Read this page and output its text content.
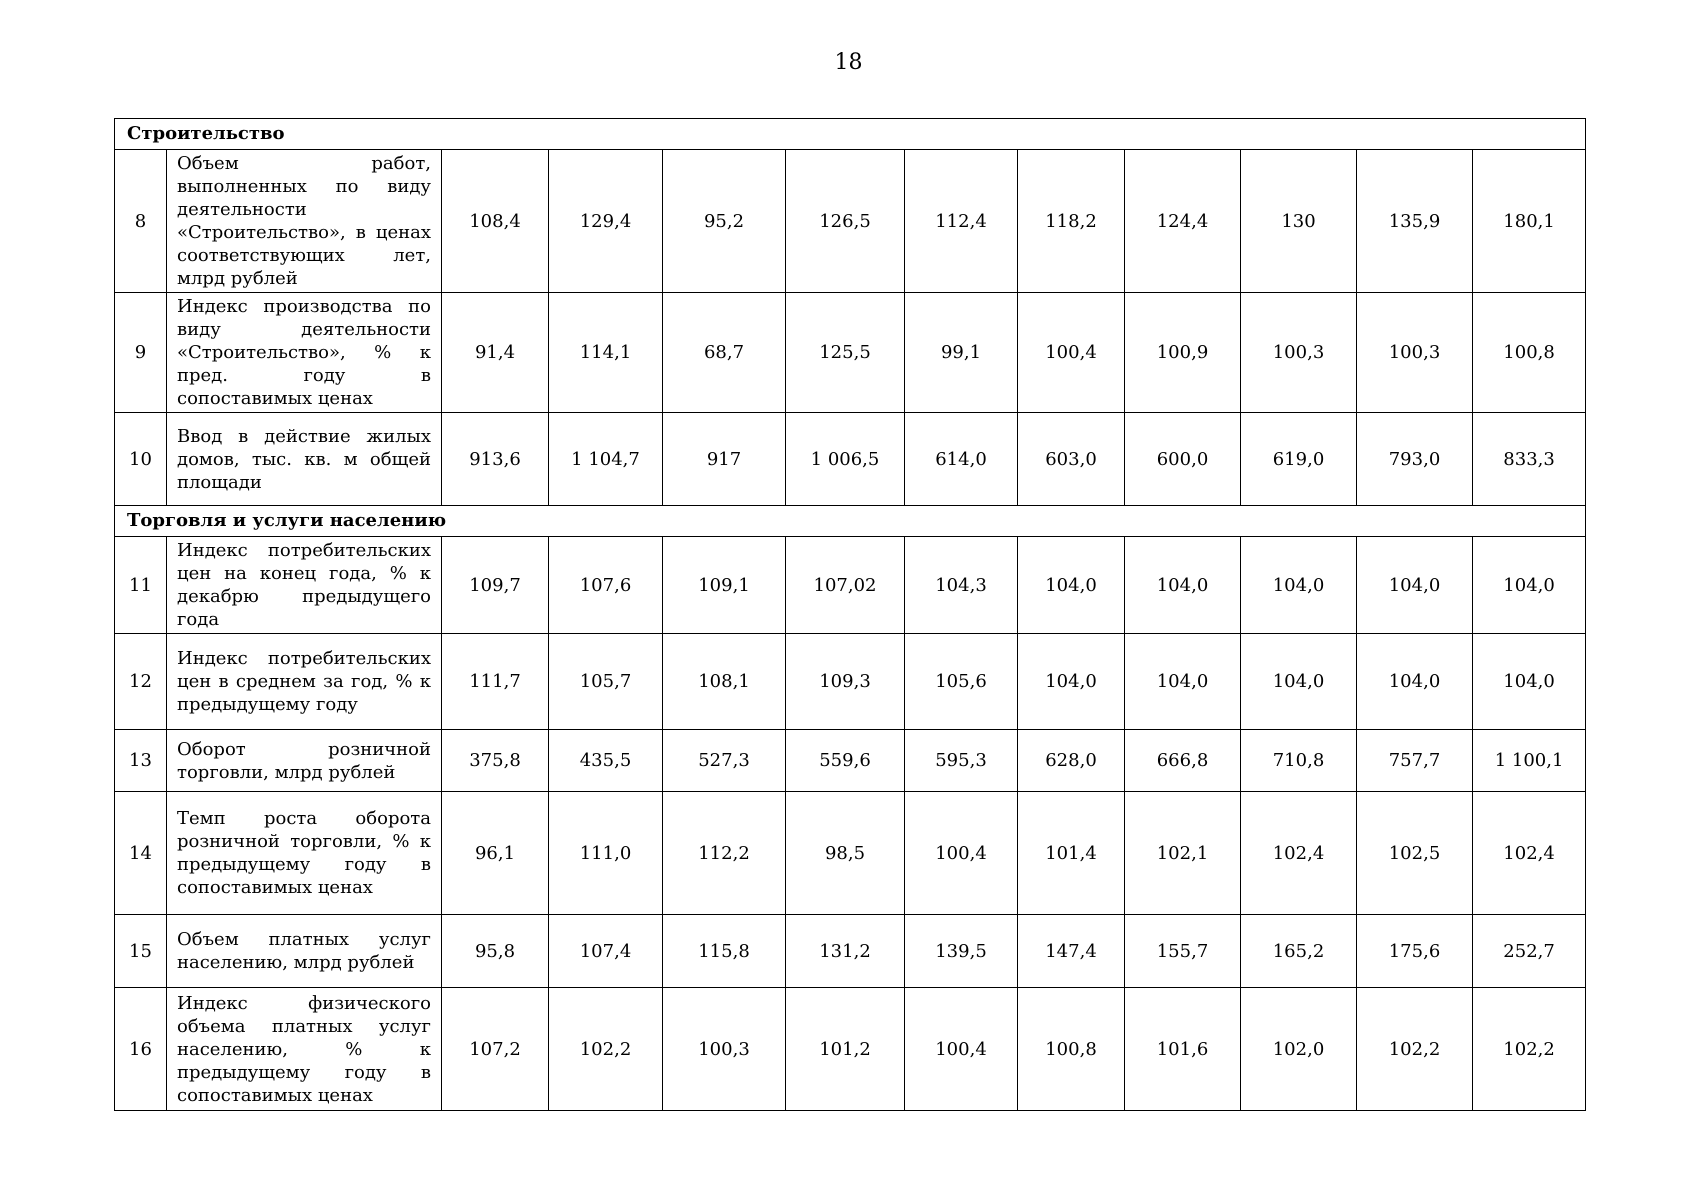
18
Строительство											
8	Объем работ, выполненных по виду деятельности «Строительство», в ценах соответствующих лет, млрд рублей	108,4	129,4	95,2	126,5	112,4	118,2	124,4	130	135,9	180,1
9	Индекс производства по виду деятельности «Строительство», % к пред. году в сопоставимых ценах	91,4	114,1	68,7	125,5	99,1	100,4	100,9	100,3	100,3	100,8
10	Ввод в действие жилых домов, тыс. кв. м общей площади	913,6	1 104,7	917	1 006,5	614,0	603,0	600,0	619,0	793,0	833,3
Торговля и услуги населению											
11	Индекс потребительских цен на конец года, % к декабрю предыдущего года	109,7	107,6	109,1	107,02	104,3	104,0	104,0	104,0	104,0	104,0
12	Индекс потребительских цен в среднем за год, % к предыдущему году	111,7	105,7	108,1	109,3	105,6	104,0	104,0	104,0	104,0	104,0
13	Оборот розничной торговли, млрд рублей	375,8	435,5	527,3	559,6	595,3	628,0	666,8	710,8	757,7	1 100,1
14	Темп роста оборота розничной торговли, % к предыдущему году в сопоставимых ценах	96,1	111,0	112,2	98,5	100,4	101,4	102,1	102,4	102,5	102,4
15	Объем платных услуг населению, млрд рублей	95,8	107,4	115,8	131,2	139,5	147,4	155,7	165,2	175,6	252,7
16	Индекс физического объема платных услуг населению, % к предыдущему году в сопоставимых ценах	107,2	102,2	100,3	101,2	100,4	100,8	101,6	102,0	102,2	102,2
